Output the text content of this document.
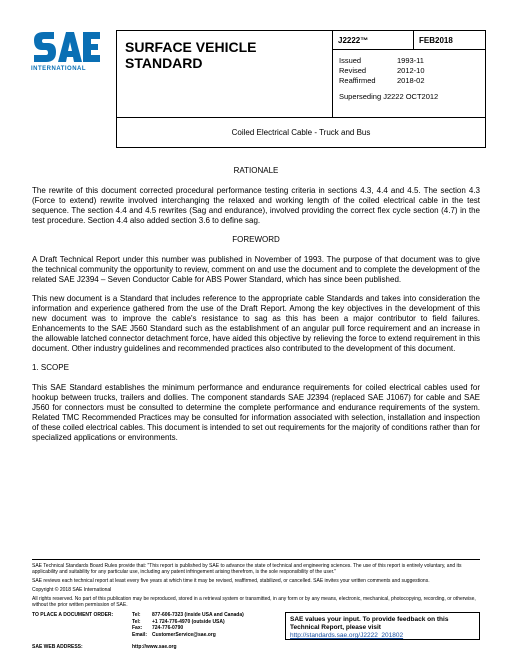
INTERNATIONAL
SURFACE VEHICLE
STANDARD
J2222™	FEB2018
Issued	1993-11
Revised	2012-10
Reaffirmed	2018-02
Superseding J2222 OCT2012
Coiled Electrical Cable - Truck and Bus
RATIONALE

The rewrite of this document corrected procedural performance testing criteria in sections 4.3, 4.4 and 4.5. The section 4.3 (Force to extend) rewrite involved interchanging the relaxed and working length of the coiled electrical cable in the test sequence. The section 4.4 and 4.5 rewrites (Sag and endurance), involved providing the correct flex cycle section (4.7) in the test procedure. Section 4.4 also added section 3.6 to define sag.

FOREWORD

A Draft Technical Report under this number was published in November of 1993. The purpose of that document was to give the technical community the opportunity to review, comment on and use the document and to complete the development of the related SAE J2394 – Seven Conductor Cable for ABS Power Standard, which has since been published.

This new document is a Standard that includes reference to the appropriate cable Standards and takes into consideration the information and experience gathered from the use of the Draft Report. Among the key objectives in the development of this new document was to improve the cable's resistance to sag as this has been a major contributor to field failures. Enhancements to the SAE J560 Standard such as the establishment of an angular pull force requirement and an increase in the allowable latched connector detachment force, have aided this objective by relieving the force to extend requirement in this document. Other industry guidelines and recommended practices also contributed to the development of this document.

1. SCOPE

This SAE Standard establishes the minimum performance and endurance requirements for coiled electrical cables used for hookup between trucks, trailers and dollies. The component standards SAE J2394 (replaced SAE J1067) for cable and SAE J560 for connectors must be consulted to determine the complete performance and endurance requirements of the system. Related TMC Recommended Practices may be consulted for information associated with selection, installation and inspection of these coiled electrical cables. This document is intended to set out requirements for the majority of conditions rather than for specialized applications or environments.

SAE Technical Standards Board Rules provide that: "This report is published by SAE to advance the state of technical and engineering sciences. The use of this report is entirely voluntary, and its applicability and suitability for any particular use, including any patent infringement arising therefrom, is the sole responsibility of the user."

SAE reviews each technical report at least every five years at which time it may be revised, reaffirmed, stabilized, or cancelled. SAE invites your written comments and suggestions.

Copyright © 2018 SAE International

All rights reserved. No part of this publication may be reproduced, stored in a retrieval system or transmitted, in any form or by any means, electronic, mechanical, photocopying, recording, or otherwise, without the prior written permission of SAE.

TO PLACE A DOCUMENT ORDER:	Tel:	877-606-7323 (inside USA and Canada)
Tel:	+1 724-776-4970 (outside USA)
Fax:	724-776-0790
Email: CustomerService@sae.org
SAE WEB ADDRESS:	http://www.sae.org
SAE values your input. To provide feedback on this
Technical Report, please visit
http://standards.sae.org/J2222_201802
